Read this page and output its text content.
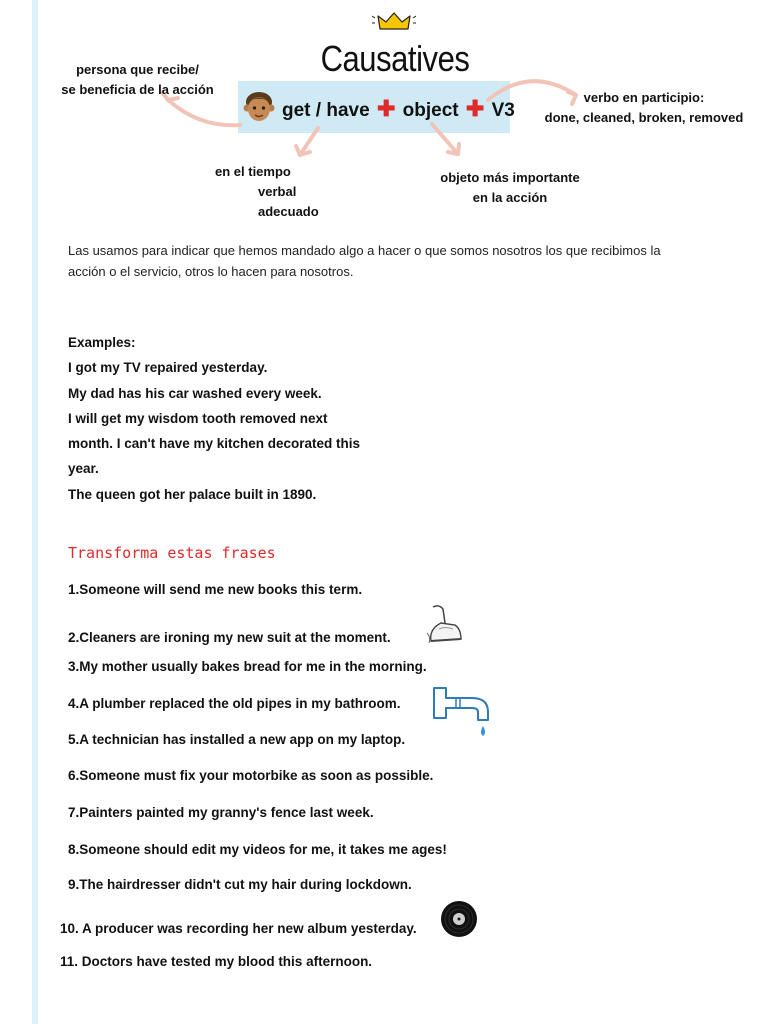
Causatives
get / have ✚ object ✚ V3
persona que recibe/
se beneficia de la acción
verbo en participio:
done, cleaned, broken, removed
en el tiempo
verbal
adecuado
objeto más importante
en la acción
Las usamos para indicar que hemos mandado algo a hacer o que somos nosotros los que recibimos la acción o el servicio, otros lo hacen para nosotros.
Examples:
I got my TV repaired yesterday.
My dad has his car washed every week.
I will get my wisdom tooth removed next
month. I can't have my kitchen decorated this
year.
The queen got her palace built in 1890.
Transforma estas frases
1.Someone will send me new books this term.
2.Cleaners are ironing my new suit at the moment.
3.My mother usually bakes bread for me in the morning.
4.A plumber replaced the old pipes in my bathroom.
5.A technician has installed a new app on my laptop.
6.Someone must fix your motorbike as soon as possible.
7.Painters painted my granny's fence last week.
8.Someone should edit my videos for me, it takes me ages!
9.The hairdresser didn't cut my hair during lockdown.
10. A producer was recording her new album yesterday.
11. Doctors have tested my blood this afternoon.
